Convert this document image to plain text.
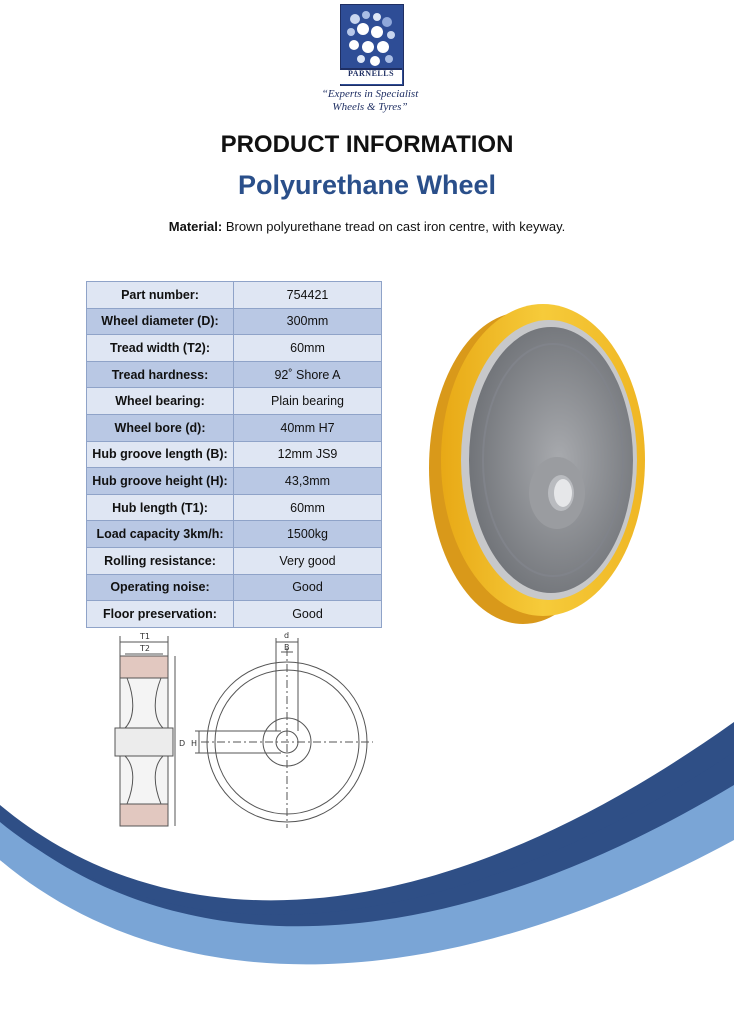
PARNELLS
“Experts in Specialist
Wheels & Tyres”
PRODUCT INFORMATION
Polyurethane Wheel
Material: Brown polyurethane tread on cast iron centre, with keyway.
Part number:	754421
Wheel diameter (D):	300mm
Tread width (T2):	60mm
Tread hardness:	92˚ Shore A
Wheel bearing:	Plain bearing
Wheel bore (d):	40mm H7
Hub groove length (B):	12mm JS9
Hub groove height (H):	43,3mm
Hub length (T1):	60mm
Load capacity 3km/h:	1500kg
Rolling resistance:	Very good
Operating noise:	Good
Floor preservation:	Good
T1
T2
D
d
B
H
